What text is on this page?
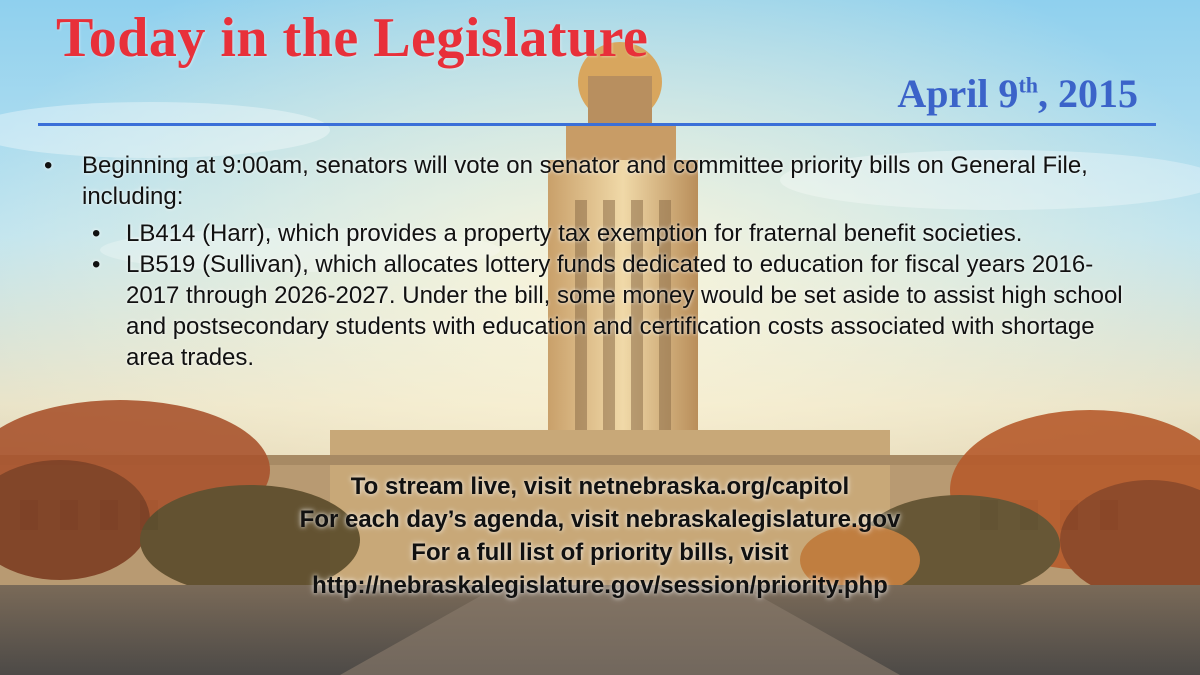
Today in the Legislature
April 9th, 2015
•	Beginning at 9:00am, senators will vote on senator and committee priority bills on General File, including:
•	LB414 (Harr), which provides a property tax exemption for fraternal benefit societies.
•	LB519 (Sullivan), which allocates lottery funds dedicated to education for fiscal years 2016-2017 through 2026-2027. Under the bill, some money would be set aside to assist high school and postsecondary students with education and certification costs associated with shortage area trades.
To stream live, visit netnebraska.org/capitol
For each day’s agenda, visit nebraskalegislature.gov
For a full list of priority bills, visit
http://nebraskalegislature.gov/session/priority.php
